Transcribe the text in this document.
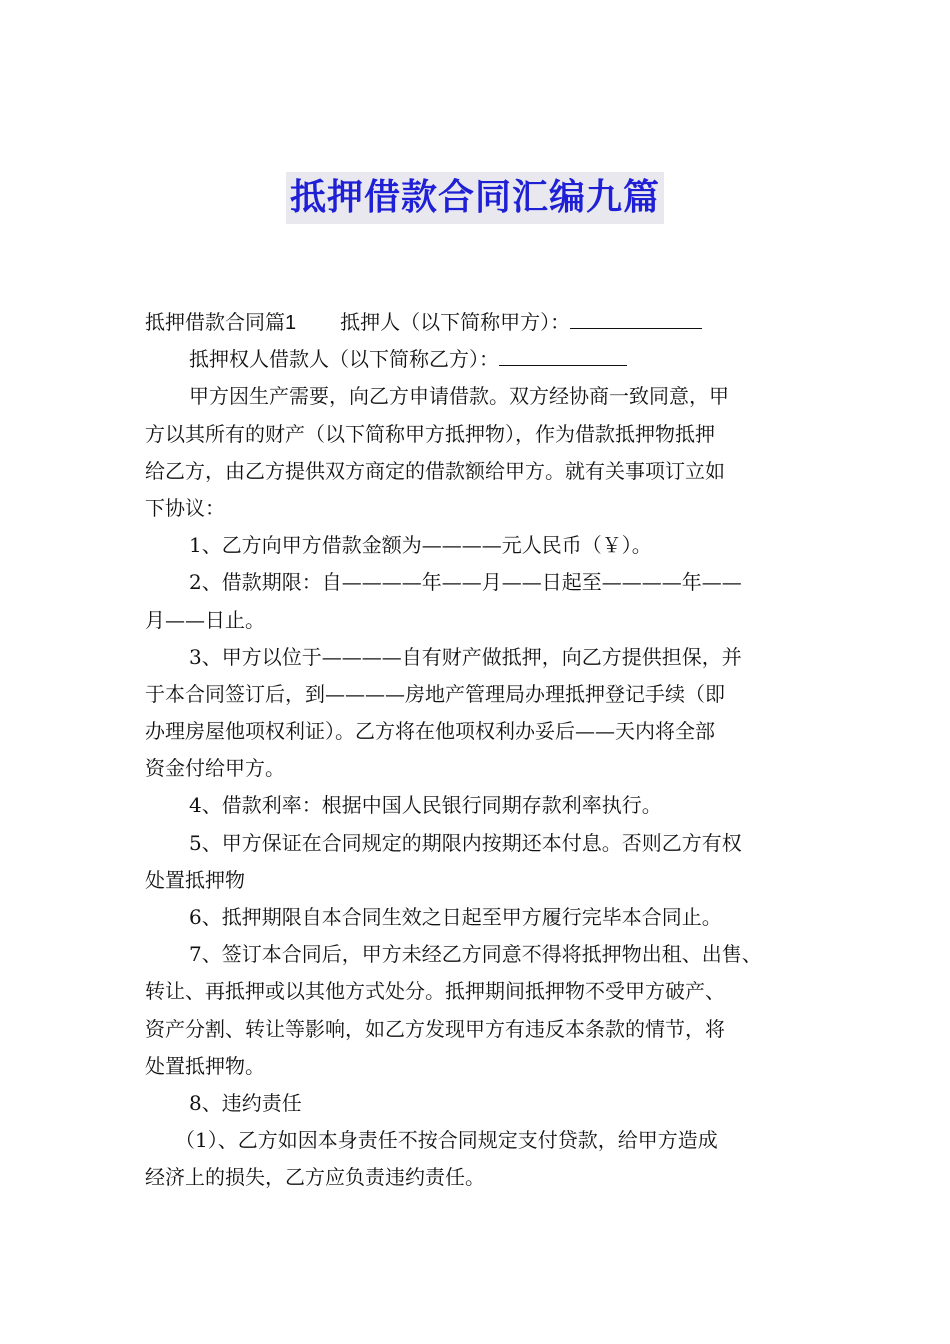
抵押借款合同汇编九篇

抵押借款合同篇1 抵押人（以下简称甲方）：

抵押权人借款人（以下简称乙方）：

甲方因生产需要，向乙方申请借款。双方经协商一致同意，甲

方以其所有的财产（以下简称甲方抵押物），作为借款抵押物抵押

给乙方，由乙方提供双方商定的借款额给甲方。就有关事项订立如

下协议：

1、乙方向甲方借款金额为————元人民币（￥）。

2、借款期限：自————年——月——日起至————年——

月——日止。

3、甲方以位于————自有财产做抵押，向乙方提供担保，并

于本合同签订后，到————房地产管理局办理抵押登记手续（即

办理房屋他项权利证）。乙方将在他项权利办妥后——天内将全部

资金付给甲方。

4、借款利率：根据中国人民银行同期存款利率执行。

5、甲方保证在合同规定的期限内按期还本付息。否则乙方有权

处置抵押物

6、抵押期限自本合同生效之日起至甲方履行完毕本合同止。

7、签订本合同后，甲方未经乙方同意不得将抵押物出租、出售、

转让、再抵押或以其他方式处分。抵押期间抵押物不受甲方破产、

资产分割、转让等影响，如乙方发现甲方有违反本条款的情节，将

处置抵押物。

8、违约责任

（1）、乙方如因本身责任不按合同规定支付贷款，给甲方造成

经济上的损失，乙方应负责违约责任。
